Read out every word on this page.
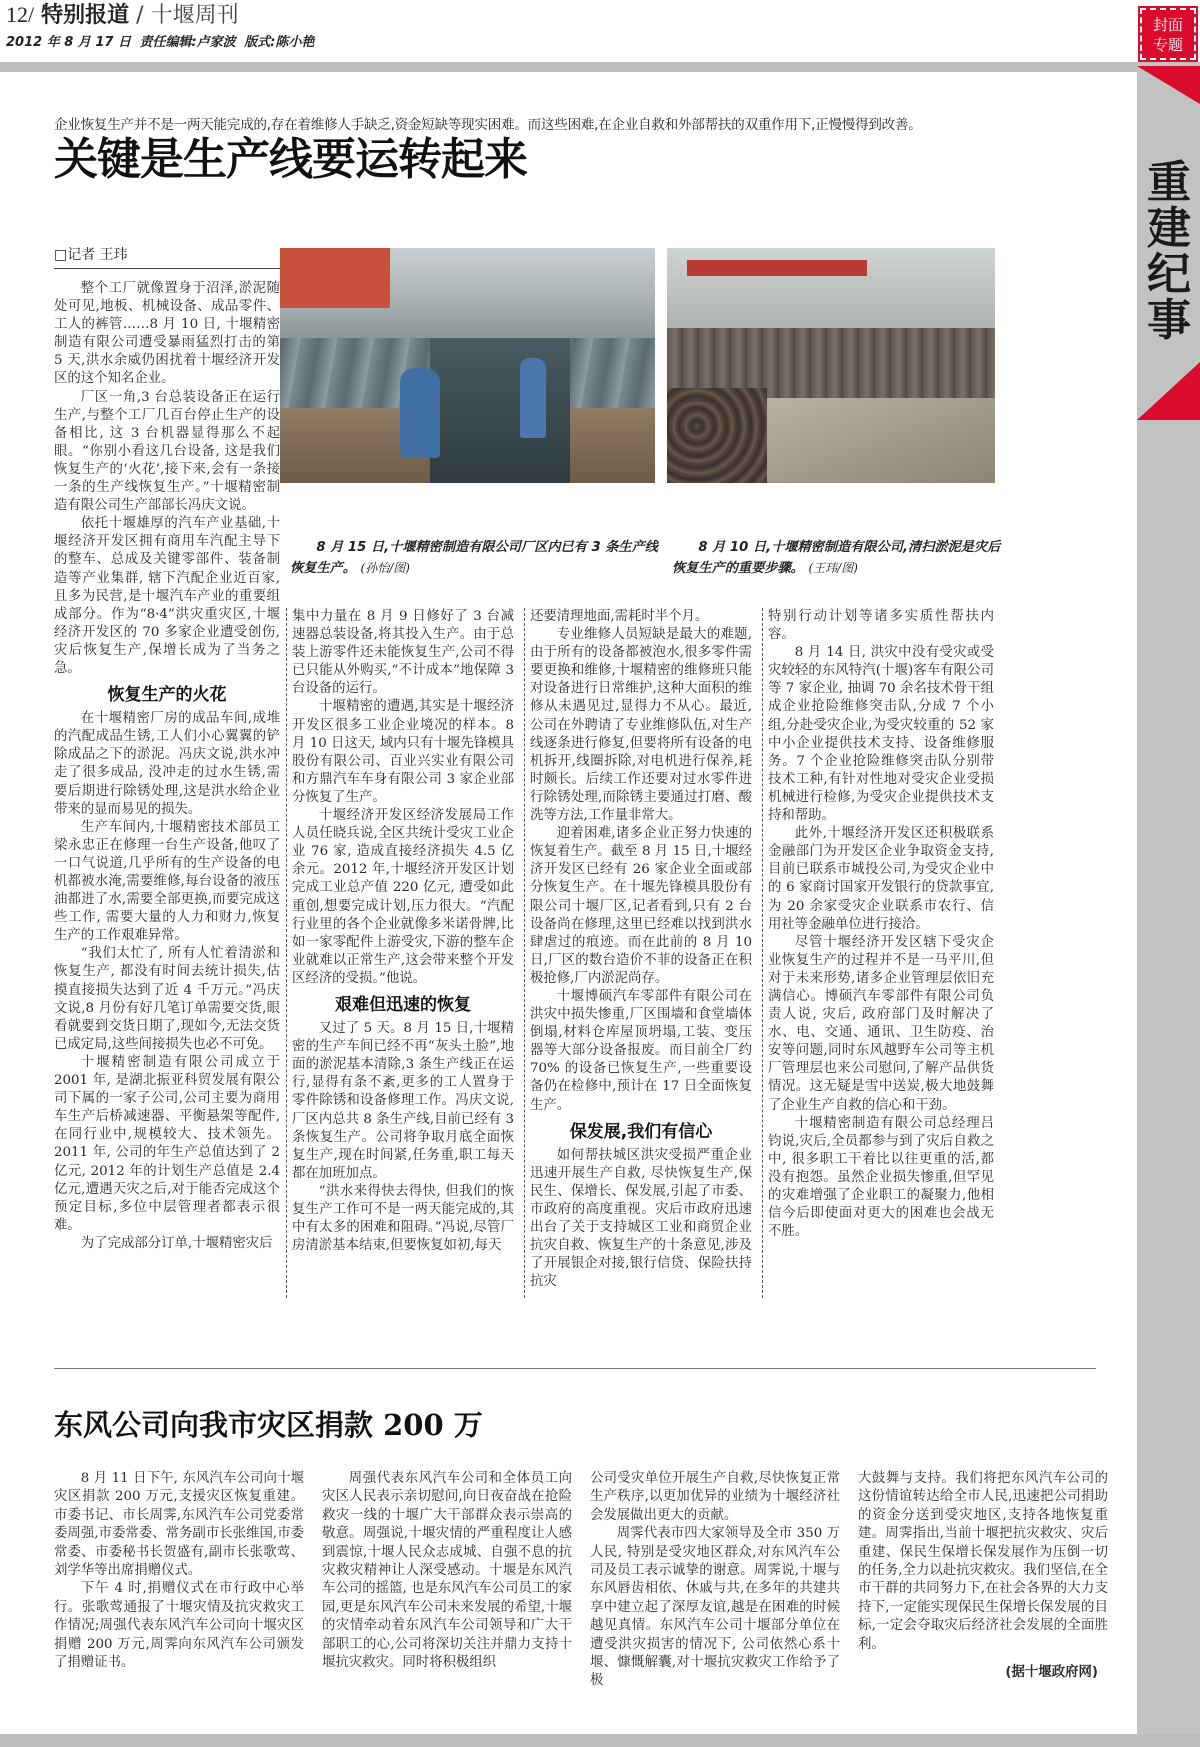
12/ 特别报道 / 十堰周刊
2012 年 8 月 17 日 责任编辑:卢家波 版式:陈小艳
封面
专题
重建纪事
企业恢复生产并不是一两天能完成的,存在着维修人手缺乏,资金短缺等现实困难。而这些困难,在企业自救和外部帮扶的双重作用下,正慢慢得到改善。
关键是生产线要运转起来
□记者 王玮
8 月 15 日,十堰精密制造有限公司厂区内已有 3 条生产线恢复生产。 (孙怡/图)
8 月 10 日,十堰精密制造有限公司,清扫淤泥是灾后恢复生产的重要步骤。 (王玮/图)

整个工厂就像置身于沼泽,淤泥随处可见,地板、机械设备、成品零件、工人的裤管……8 月 10 日, 十堰精密制造有限公司遭受暴雨猛烈打击的第 5 天,洪水余威仍困扰着十堰经济开发区的这个知名企业。

厂区一角,3 台总装设备正在运行生产,与整个工厂几百台停止生产的设备相比, 这 3 台机器显得那么不起眼。“你别小看这几台设备, 这是我们恢复生产的‘火花’,接下来,会有一条接一条的生产线恢复生产。”十堰精密制造有限公司生产部部长冯庆文说。

依托十堰雄厚的汽车产业基础,十堰经济开发区拥有商用车汽配主导下的整车、总成及关键零部件、装备制造等产业集群, 辖下汽配企业近百家,且多为民营,是十堰汽车产业的重要组成部分。作为“8·4”洪灾重灾区,十堰经济开发区的 70 多家企业遭受创伤, 灾后恢复生产,保增长成为了当务之急。

恢复生产的火花

在十堰精密厂房的成品车间,成堆的汽配成品生锈,工人们小心翼翼的铲除成品之下的淤泥。冯庆文说,洪水冲走了很多成品, 没冲走的过水生锈,需要后期进行除锈处理,这是洪水给企业带来的显而易见的损失。

生产车间内,十堰精密技术部员工梁永忠正在修理一台生产设备,他叹了一口气说道,几乎所有的生产设备的电机都被水淹,需要维修,每台设备的液压油都进了水,需要全部更换,而要完成这些工作, 需要大量的人力和财力,恢复生产的工作艰难异常。

“我们太忙了, 所有人忙着清淤和恢复生产, 都没有时间去统计损失,估摸直接损失达到了近 4 千万元。”冯庆文说,8 月份有好几笔订单需要交货,眼看就要到交货日期了,现如今,无法交货已成定局,这些间接损失也必不可免。

十堰精密制造有限公司成立于 2001 年, 是湖北振亚科贸发展有限公司下属的一家子公司,公司主要为商用车生产后桥减速器、平衡悬架等配件,在同行业中,规模较大、技术领先。2011 年, 公司的年生产总值达到了 2 亿元, 2012 年的计划生产总值是 2.4 亿元,遭遇天灾之后,对于能否完成这个预定目标,多位中层管理者都表示很难。

为了完成部分订单,十堰精密灾后

集中力量在 8 月 9 日修好了 3 台减速器总装设备,将其投入生产。由于总装上游零件还未能恢复生产,公司不得已只能从外购买,“不计成本”地保障 3 台设备的运行。

十堰精密的遭遇,其实是十堰经济开发区很多工业企业境况的样本。8 月 10 日这天, 域内只有十堰先锋模具股份有限公司、百业兴实业有限公司和方鼎汽车车身有限公司 3 家企业部分恢复了生产。

十堰经济开发区经济发展局工作人员任晓兵说,全区共统计受灾工业企业 76 家, 造成直接经济损失 4.5 亿余元。2012 年,十堰经济开发区计划完成工业总产值 220 亿元, 遭受如此重创,想要完成计划,压力很大。“汽配行业里的各个企业就像多米诺骨牌,比如一家零配件上游受灾,下游的整车企业就难以正常生产,这会带来整个开发区经济的受损。”他说。

艰难但迅速的恢复

又过了 5 天。8 月 15 日,十堰精密的生产车间已经不再“灰头土脸”,地面的淤泥基本清除,3 条生产线正在运行,显得有条不紊,更多的工人置身于零件除锈和设备修理工作。冯庆文说,厂区内总共 8 条生产线,目前已经有 3 条恢复生产。公司将争取月底全面恢复生产,现在时间紧,任务重,职工每天都在加班加点。

“洪水来得快去得快, 但我们的恢复生产工作可不是一两天能完成的,其中有太多的困难和阻碍。”冯说,尽管厂房清淤基本结束,但要恢复如初,每天

还要清理地面,需耗时半个月。

专业维修人员短缺是最大的难题,由于所有的设备都被泡水,很多零件需要更换和维修,十堰精密的维修班只能对设备进行日常维护,这种大面积的维修从未遇见过,显得力不从心。最近,公司在外聘请了专业维修队伍,对生产线逐条进行修复,但要将所有设备的电机拆开,线圈拆除,对电机进行保养,耗时颇长。后续工作还要对过水零件进行除锈处理,而除锈主要通过打磨、酸洗等方法,工作量非常大。

迎着困难,诸多企业正努力快速的恢复着生产。截至 8 月 15 日,十堰经济开发区已经有 26 家企业全面或部分恢复生产。在十堰先锋模具股份有限公司十堰厂区,记者看到,只有 2 台设备尚在修理,这里已经难以找到洪水肆虐过的痕迹。而在此前的 8 月 10 日,厂区的数台造价不菲的设备正在积极抢修,厂内淤泥尚存。

十堰博硕汽车零部件有限公司在洪灾中损失惨重,厂区围墙和食堂墙体倒塌,材料仓库屋顶坍塌,工装、变压器等大部分设备报废。而目前全厂约 70% 的设备已恢复生产,一些重要设备仍在检修中,预计在 17 日全面恢复生产。

保发展,我们有信心

如何帮扶城区洪灾受损严重企业迅速开展生产自救, 尽快恢复生产,保民生、保增长、保发展,引起了市委、市政府的高度重视。灾后市政府迅速出台了关于支持城区工业和商贸企业抗灾自救、恢复生产的十条意见,涉及了开展银企对接,银行信贷、保险扶持抗灾

特别行动计划等诸多实质性帮扶内容。

8 月 14 日, 洪灾中没有受灾或受灾较轻的东风特汽(十堰)客车有限公司等 7 家企业, 抽调 70 余名技术骨干组成企业抢险维修突击队,分成 7 个小组,分赴受灾企业,为受灾较重的 52 家中小企业提供技术支持、设备维修服务。7 个企业抢险维修突击队分别带技术工种,有针对性地对受灾企业受损机械进行检修,为受灾企业提供技术支持和帮助。

此外,十堰经济开发区还积极联系金融部门为开发区企业争取资金支持,目前已联系市城投公司,为受灾企业中的 6 家商讨国家开发银行的贷款事宜,为 20 余家受灾企业联系市农行、信用社等金融单位进行接洽。

尽管十堰经济开发区辖下受灾企业恢复生产的过程并不是一马平川,但对于未来形势,诸多企业管理层依旧充满信心。博硕汽车零部件有限公司负责人说, 灾后, 政府部门及时解决了水、电、交通、通讯、卫生防疫、治安等问题,同时东风越野车公司等主机厂管理层也来公司慰问,了解产品供货情况。这无疑是雪中送炭,极大地鼓舞了企业生产自救的信心和干劲。

十堰精密制造有限公司总经理吕钧说,灾后,全员都参与到了灾后自救之中, 很多职工干着比以往更重的活,都没有抱怨。虽然企业损失惨重,但罕见的灾难增强了企业职工的凝聚力,他相信今后即使面对更大的困难也会战无不胜。

东风公司向我市灾区捐款 200 万

8 月 11 日下午, 东风汽车公司向十堰灾区捐款 200 万元,支援灾区恢复重建。市委书记、市长周霁,东风汽车公司党委常委周强,市委常委、常务副市长张维国,市委常委、市委秘书长贺盛有,副市长张歌莺、刘学华等出席捐赠仪式。

下午 4 时,捐赠仪式在市行政中心举行。张歌莺通报了十堰灾情及抗灾救灾工作情况;周强代表东风汽车公司向十堰灾区捐赠 200 万元,周霁向东风汽车公司颁发了捐赠证书。

周强代表东风汽车公司和全体员工向灾区人民表示亲切慰问,向日夜奋战在抢险救灾一线的十堰广大干部群众表示崇高的敬意。周强说,十堰灾情的严重程度让人感到震惊,十堰人民众志成城、自强不息的抗灾救灾精神让人深受感动。十堰是东风汽车公司的摇篮, 也是东风汽车公司员工的家园,更是东风汽车公司未来发展的希望,十堰的灾情牵动着东风汽车公司领导和广大干部职工的心,公司将深切关注并鼎力支持十堰抗灾救灾。同时将积极组织

公司受灾单位开展生产自救,尽快恢复正常生产秩序,以更加优异的业绩为十堰经济社会发展做出更大的贡献。

周霁代表市四大家领导及全市 350 万人民, 特别是受灾地区群众,对东风汽车公司及员工表示诚挚的谢意。周霁说,十堰与东风唇齿相依、休戚与共,在多年的共建共享中建立起了深厚友谊,越是在困难的时候越见真情。东风汽车公司十堰部分单位在遭受洪灾损害的情况下, 公司依然心系十堰、慷慨解囊,对十堰抗灾救灾工作给予了极

大鼓舞与支持。我们将把东风汽车公司的这份情谊转达给全市人民,迅速把公司捐助的资金分送到受灾地区,支持各地恢复重建。周霁指出,当前十堰把抗灾救灾、灾后重建、保民生保增长保发展作为压倒一切的任务,全力以赴抗灾救灾。我们坚信,在全市干群的共同努力下,在社会各界的大力支持下,一定能实现保民生保增长保发展的目标,一定会夺取灾后经济社会发展的全面胜利。

(据十堰政府网)
